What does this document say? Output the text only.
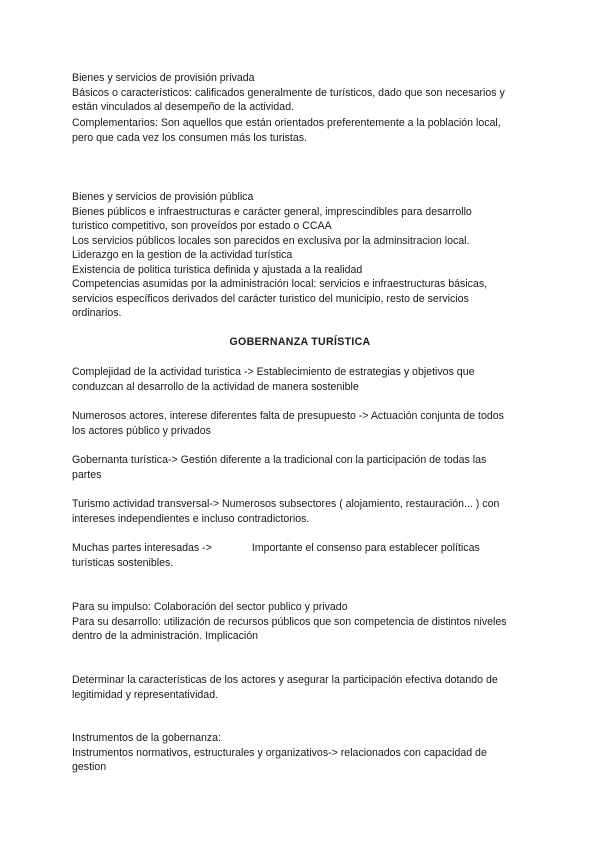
Bienes y servicios de provisión privada
Básicos o característicos: calificados generalmente de turísticos, dado que son necesarios y
están vinculados al desempeño de la actividad.
Complementarios: Son aquellos que están orientados preferentemente a la población local,
pero que cada vez los consumen más los turistas.
Bienes y servicios de provisión pública
Bienes públicos e infraestructuras e carácter general, imprescindibles para desarrollo
turistico competitivo, son proveídos por estado o CCAA
Los servicios públicos locales son parecidos en exclusiva por la adminsitracion local.
Liderazgo en la gestion de la actividad turística
Existencia de politica turistica definida y ajustada a la realidad
Competencias asumidas por la administración local: servicios e infraestructuras básicas,
servicios específicos derivados del carácter turistico del municipio, resto de servicios
ordinarios.
GOBERNANZA TURÍSTICA
Complejidad de la actividad turistica -> Establecimiento de estrategias y objetivos que
conduzcan al desarrollo de la actividad de manera sostenible
Numerosos actores, interese diferentes falta de presupuesto -> Actuación conjunta de todos
los actores público y privados
Gobernanta turística-> Gestión diferente a la tradicional con la participación de todas las
partes
Turismo actividad transversal-> Numerosos subsectores ( alojamiento, restauración... ) con
intereses independientes e incluso contradictorios.
Muchas partes interesadas ->	Importante el consenso para establecer políticas
turísticas sostenibles.
Para su impulso: Colaboración del sector publico y privado
Para su desarrollo: utilización de recursos públicos que son competencia de distintos niveles
dentro de la administración. Implicación
Determinar la características de los actores y asegurar la participación efectiva dotando de
legitimidad y representatividad.
Instrumentos de la gobernanza:
Instrumentos normativos, estructurales y organizativos-> relacionados con capacidad de
gestion
